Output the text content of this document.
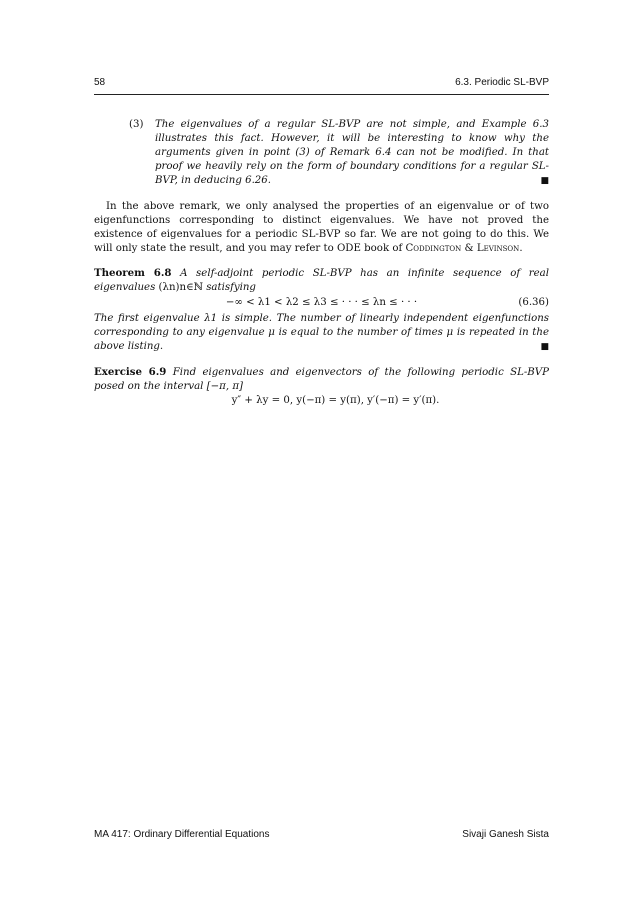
58	6.3. Periodic SL-BVP
(3) The eigenvalues of a regular SL-BVP are not simple, and Example 6.3 illustrates this fact. However, it will be interesting to know why the arguments given in point (3) of Remark 6.4 can not be modified. In that proof we heavily rely on the form of boundary conditions for a regular SL-BVP, in deducing 6.26.	■

In the above remark, we only analysed the properties of an eigenvalue or of two eigenfunctions corresponding to distinct eigenvalues. We have not proved the existence of eigenvalues for a periodic SL-BVP so far. We are not going to do this. We will only state the result, and you may refer to ODE book of Coddington & Levinson.

Theorem 6.8 A self-adjoint periodic SL-BVP has an infinite sequence of real eigenvalues (λn)n∈ℕ satisfying

−∞ < λ1 < λ2 ≤ λ3 ≤ · · · ≤ λn ≤ · · ·	(6.36)

The first eigenvalue λ1 is simple. The number of linearly independent eigenfunctions corresponding to any eigenvalue μ is equal to the number of times μ is repeated in the above listing.	■

Exercise 6.9 Find eigenvalues and eigenvectors of the following periodic SL-BVP posed on the interval [−π, π]

y″ + λy = 0, y(−π) = y(π), y′(−π) = y′(π).
MA 417: Ordinary Differential Equations	Sivaji Ganesh Sista
